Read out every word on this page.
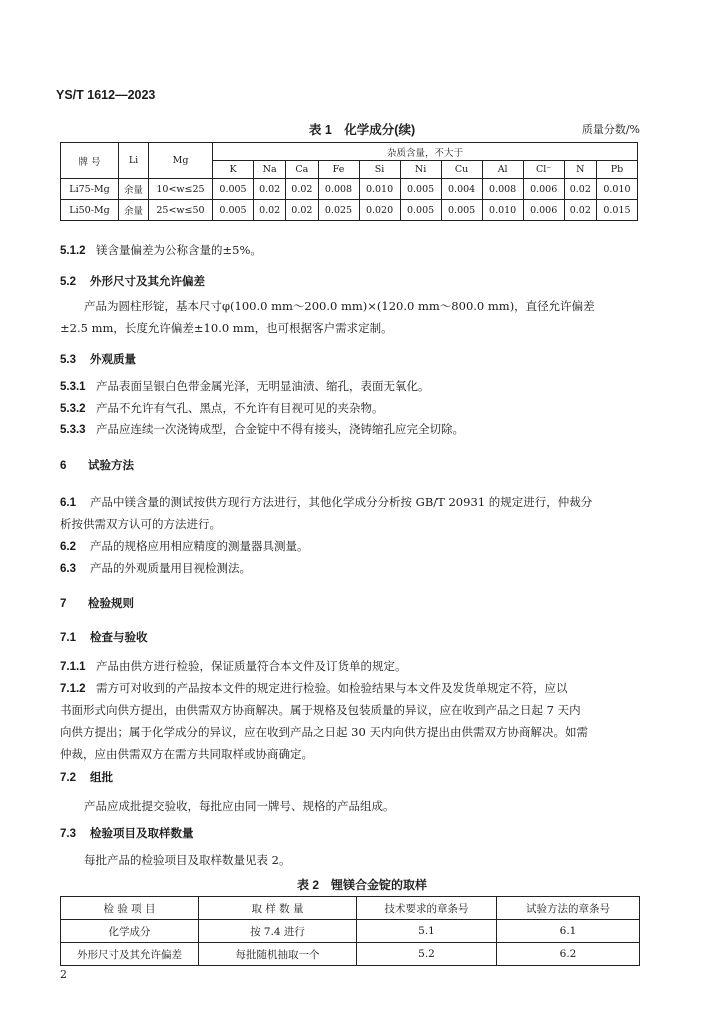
YS/T 1612—2023
表 1　化学成分(续)	质量分数/%
牌 号	Li	Mg	杂质含量，不大于										
			K	Na	Ca	Fe	Si	Ni	Cu	Al	Cl⁻	N	Pb
Li75-Mg	余量	10<w≤25	0.005	0.02	0.02	0.008	0.010	0.005	0.004	0.008	0.006	0.02	0.010
Li50-Mg	余量	25<w≤50	0.005	0.02	0.02	0.025	0.020	0.005	0.005	0.010	0.006	0.02	0.015
5.1.2 镁含量偏差为公称含量的±5%。
5.2 外形尺寸及其允许偏差
产品为圆柱形锭，基本尺寸φ(100.0 mm～200.0 mm)×(120.0 mm～800.0 mm)，直径允许偏差
±2.5 mm，长度允许偏差±10.0 mm，也可根据客户需求定制。
5.3 外观质量
5.3.1 产品表面呈银白色带金属光泽，无明显油渍、缩孔，表面无氧化。
5.3.2 产品不允许有气孔、黑点，不允许有目视可见的夹杂物。
5.3.3 产品应连续一次浇铸成型，合金锭中不得有接头，浇铸缩孔应完全切除。
6 试验方法
6.1 产品中镁含量的测试按供方现行方法进行，其他化学成分分析按 GB/T 20931 的规定进行，仲裁分
析按供需双方认可的方法进行。
6.2 产品的规格应用相应精度的测量器具测量。
6.3 产品的外观质量用目视检测法。
7 检验规则
7.1 检查与验收
7.1.1 产品由供方进行检验，保证质量符合本文件及订货单的规定。
7.1.2 需方可对收到的产品按本文件的规定进行检验。如检验结果与本文件及发货单规定不符，应以
书面形式向供方提出，由供需双方协商解决。属于规格及包装质量的异议，应在收到产品之日起 7 天内
向供方提出；属于化学成分的异议，应在收到产品之日起 30 天内向供方提出由供需双方协商解决。如需
仲裁，应由供需双方在需方共同取样或协商确定。
7.2 组批
产品应成批提交验收，每批应由同一牌号、规格的产品组成。
7.3 检验项目及取样数量
每批产品的检验项目及取样数量见表 2。
表 2　锂镁合金锭的取样
检 验 项 目	取 样 数 量	技术要求的章条号	试验方法的章条号
化学成分	按 7.4 进行	5.1	6.1
外形尺寸及其允许偏差	每批随机抽取一个	5.2	6.2
2
